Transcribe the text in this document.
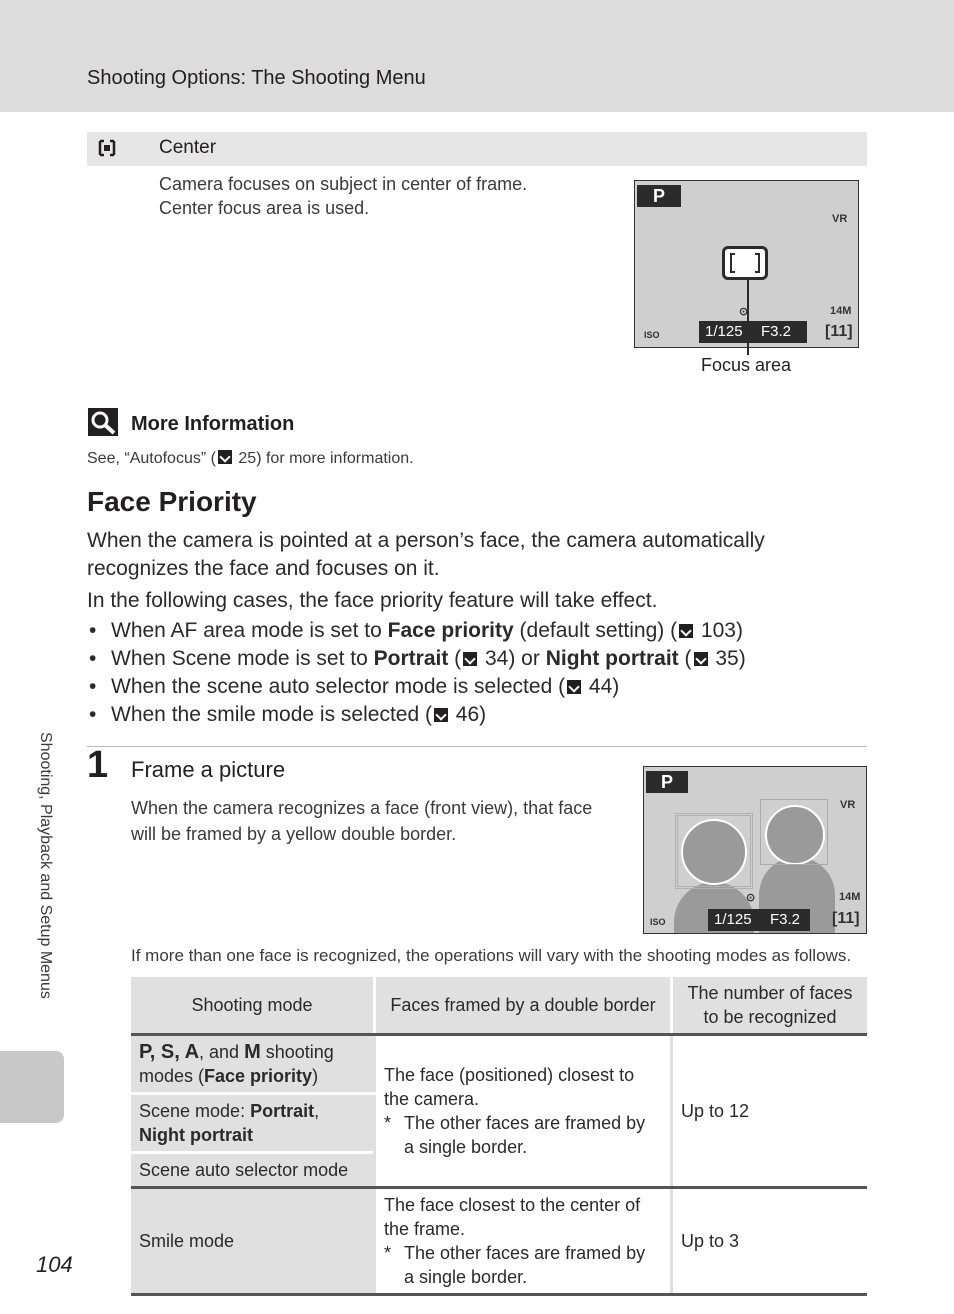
Shooting Options: The Shooting Menu
Center
Camera focuses on subject in center of frame.
Center focus area is used.
P
VR
⊙	14M
ISO	1/125 F3.2 [11]
Focus area
More Information
See, “Autofocus” ( 25) for more information.
Face Priority
When the camera is pointed at a person’s face, the camera automatically
recognizes the face and focuses on it.
In the following cases, the face priority feature will take effect.
• When AF area mode is set to Face priority (default setting) ( 103)
• When Scene mode is set to Portrait ( 34) or Night portrait ( 35)
• When the scene auto selector mode is selected ( 44)
• When the smile mode is selected ( 46)
1 Frame a picture
When the camera recognizes a face (front view), that face
will be framed by a yellow double border.
P
VR
⊙	14M
ISO	1/125 F3.2 [11]
If more than one face is recognized, the operations will vary with the shooting modes as follows.
Shooting mode	Faces framed by a double border	The number of faces to be recognized
P, S, A, and M shooting modes (Face priority)	The face (positioned) closest to
the camera.
* The other faces are framed by
a single border.	Up to 12
Scene mode: Portrait,
Night portrait		
Scene auto selector mode		
Smile mode	The face closest to the center of
the frame.
* The other faces are framed by
a single border.	Up to 3
Shooting, Playback and Setup Menus
104
